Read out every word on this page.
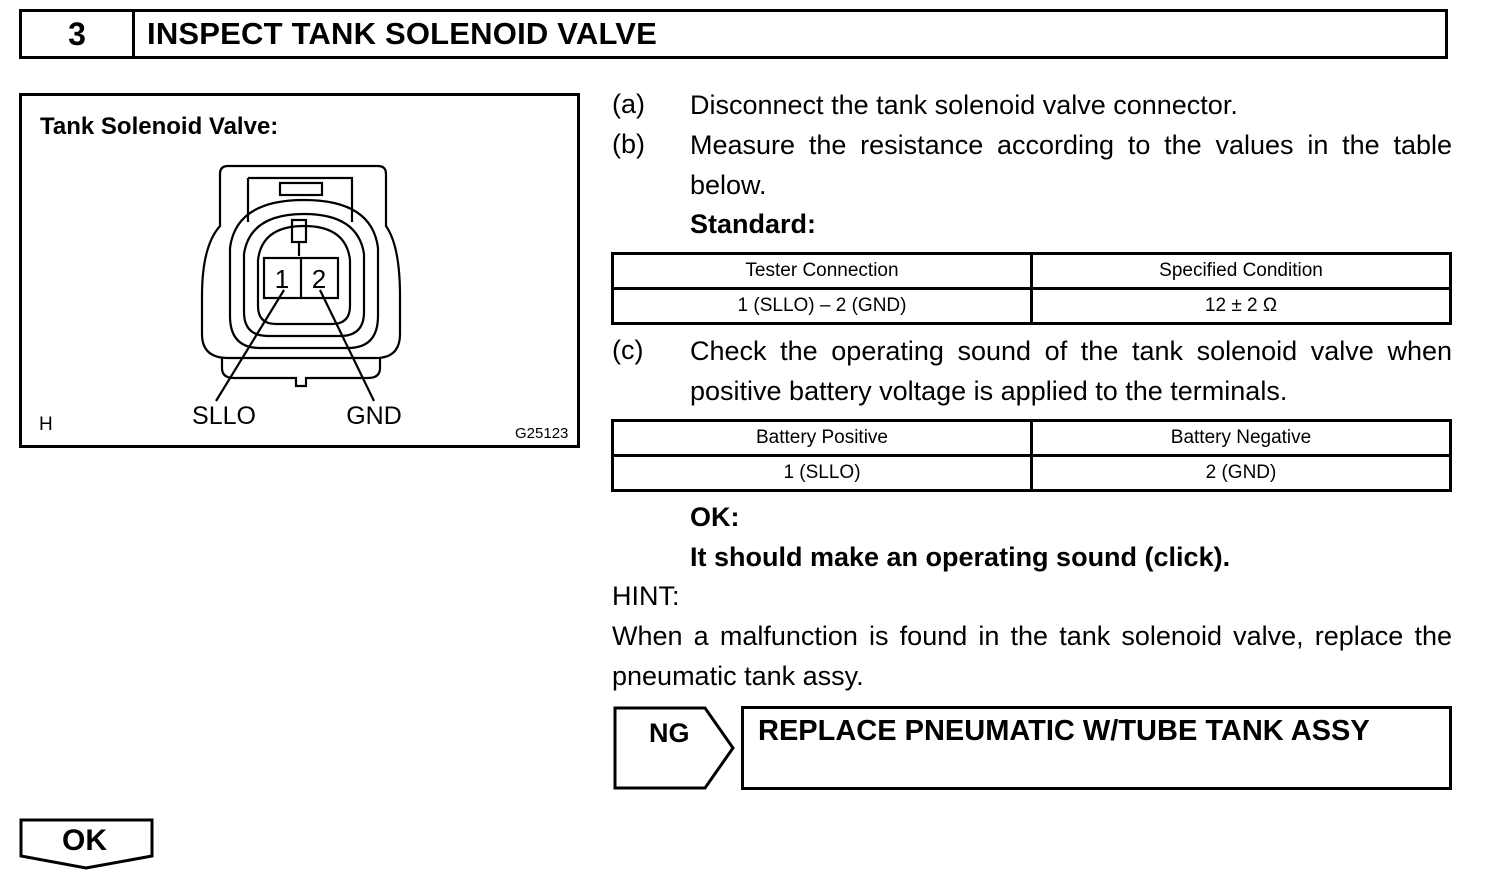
3	INSPECT TANK SOLENOID VALVE
Tank Solenoid Valve:
1 2
SLLO	GND
H	G25123
(a) Disconnect the tank solenoid valve connector.
(b) Measure the resistance according to the values in the table below.
Standard:
Tester Connection	Specified Condition
1 (SLLO) – 2 (GND)	12 ± 2 Ω
(c) Check the operating sound of the tank solenoid valve when positive battery voltage is applied to the terminals.
Battery Positive	Battery Negative
1 (SLLO)	2 (GND)
OK:
It should make an operating sound (click).
HINT:
When a malfunction is found in the tank solenoid valve, replace the pneumatic tank assy.
NG REPLACE PNEUMATIC W/TUBE TANK ASSY
OK
